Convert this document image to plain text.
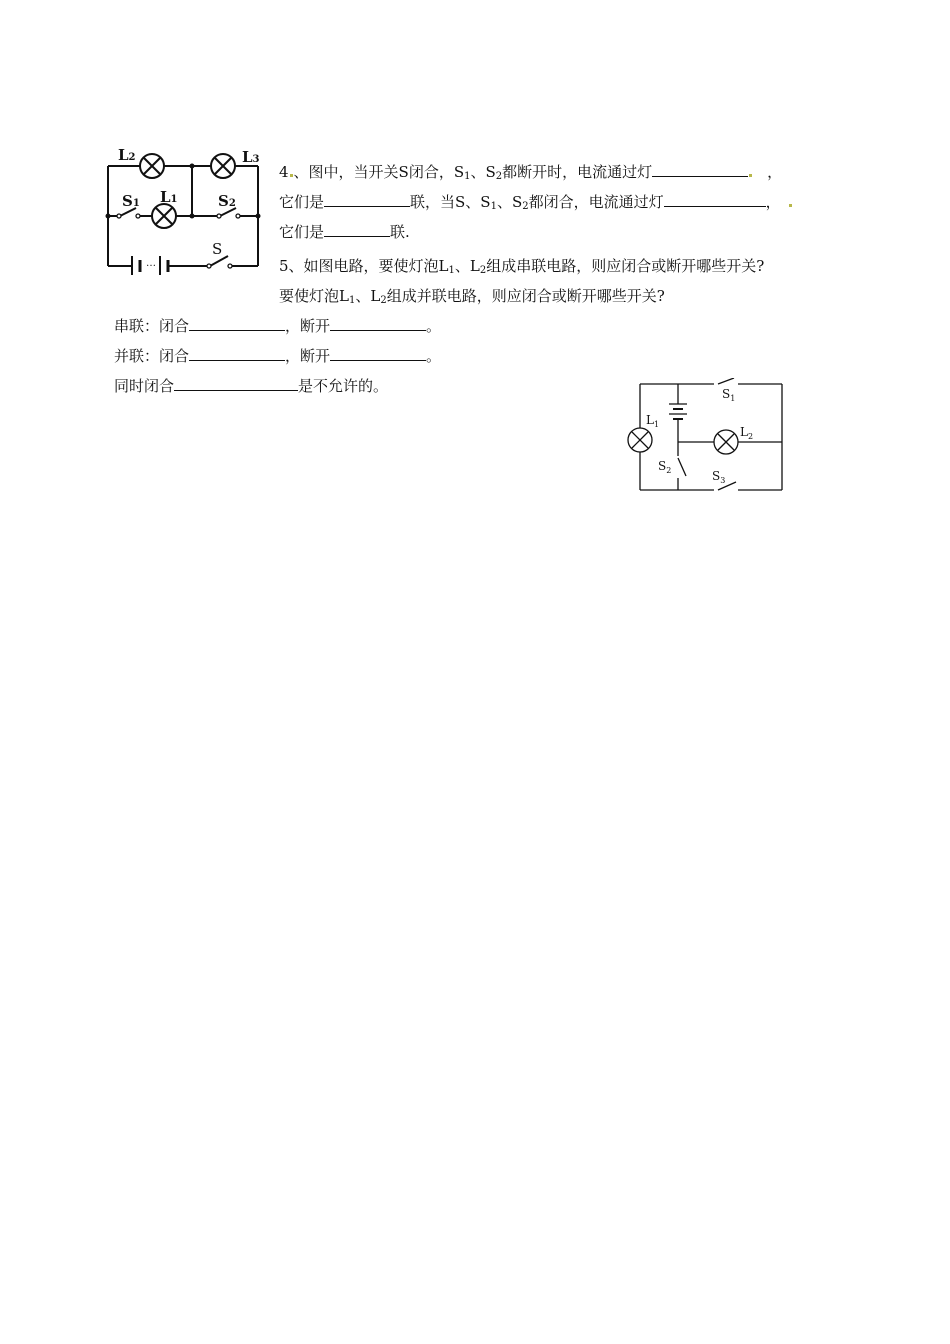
…
L2	L3
L1
S1	S2
S
4 、图中，当开关S闭合，$S_1$、$S_2$都断开时，电流通过灯	，
它们是	联，当S、$S_1$、$S_2$都闭合，电流通过灯	，
它们是	联.
5、如图电路，要使灯泡$L_1$、$L_2$组成串联电路，则应闭合或断开哪些开关?
要使灯泡$L_1$、$L_2$组成并联电路，则应闭合或断开哪些开关?
串联：闭合	，断开	。
并联：闭合	，断开	。
同时闭合	是不允许的。	$S_1$
$L_1$
$L_2$
$S_2$	$S_3$
